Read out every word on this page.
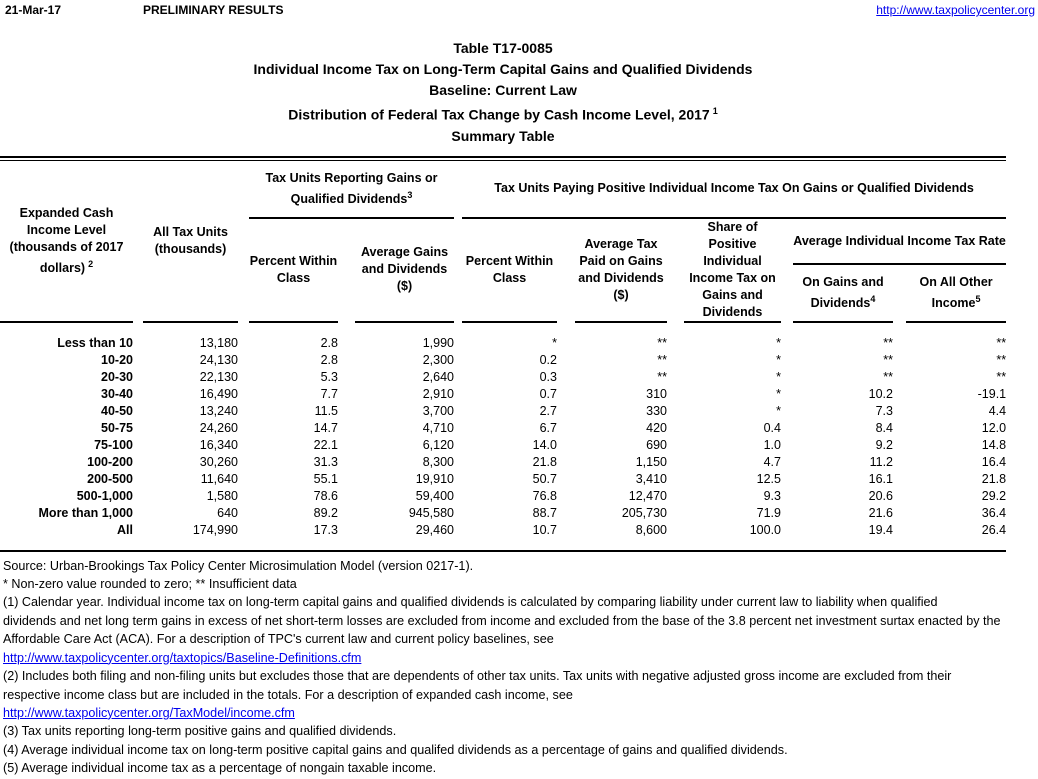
21-Mar-17	PRELIMINARY RESULTS	http://www.taxpolicycenter.org
Table T17-0085
Individual Income Tax on Long-Term Capital Gains and Qualified Dividends
Baseline: Current Law
Distribution of Federal Tax Change by Cash Income Level, 2017 $^1$
Summary Table
Expanded Cash Income Level (thousands of 2017 dollars) $^2$		All Tax Units (thousands)		Tax Units Reporting Gains or Qualified Dividends$^3$				Tax Units Paying Positive Individual Income Tax On Gains or Qualified Dividends								
				Percent Within Class		Average Gains and Dividends ($)		Percent Within Class		Average Tax Paid on Gains and Dividends ($)		Share of Positive Individual Income Tax on Gains and Dividends		Average Individual Income Tax Rate		
														On Gains and Dividends$^4$		On All Other Income$^5$

Less than 10		13,180		2.8		1,990		*		**		*		**		**
10-20		24,130		2.8		2,300		0.2		**		*		**		**
20-30		22,130		5.3		2,640		0.3		**		*		**		**
30-40		16,490		7.7		2,910		0.7		310		*		10.2		-19.1
40-50		13,240		11.5		3,700		2.7		330		*		7.3		4.4
50-75		24,260		14.7		4,710		6.7		420		0.4		8.4		12.0
75-100		16,340		22.1		6,120		14.0		690		1.0		9.2		14.8
100-200		30,260		31.3		8,300		21.8		1,150		4.7		11.2		16.4
200-500		11,640		55.1		19,910		50.7		3,410		12.5		16.1		21.8
500-1,000		1,580		78.6		59,400		76.8		12,470		9.3		20.6		29.2
More than 1,000		640		89.2		945,580		88.7		205,730		71.9		21.6		36.4
All		174,990		17.3		29,460		10.7		8,600		100.0		19.4		26.4
Source: Urban-Brookings Tax Policy Center Microsimulation Model (version 0217-1).
* Non-zero value rounded to zero; ** Insufficient data
(1) Calendar year. Individual income tax on long-term capital gains and qualified dividends is calculated by comparing liability under current law to liability when qualified
dividends and net long term gains in excess of net short-term losses are excluded from income and excluded from the base of the 3.8 percent net investment surtax enacted by the
Affordable Care Act (ACA). For a description of TPC's current law and current policy baselines, see
http://www.taxpolicycenter.org/taxtopics/Baseline-Definitions.cfm
(2) Includes both filing and non-filing units but excludes those that are dependents of other tax units. Tax units with negative adjusted gross income are excluded from their
respective income class but are included in the totals. For a description of expanded cash income, see
http://www.taxpolicycenter.org/TaxModel/income.cfm
(3) Tax units reporting long-term positive gains and qualified dividends.
(4) Average individual income tax on long-term positive capital gains and qualifed dividends as a percentage of gains and qualified dividends.
(5) Average individual income tax as a percentage of nongain taxable income.
